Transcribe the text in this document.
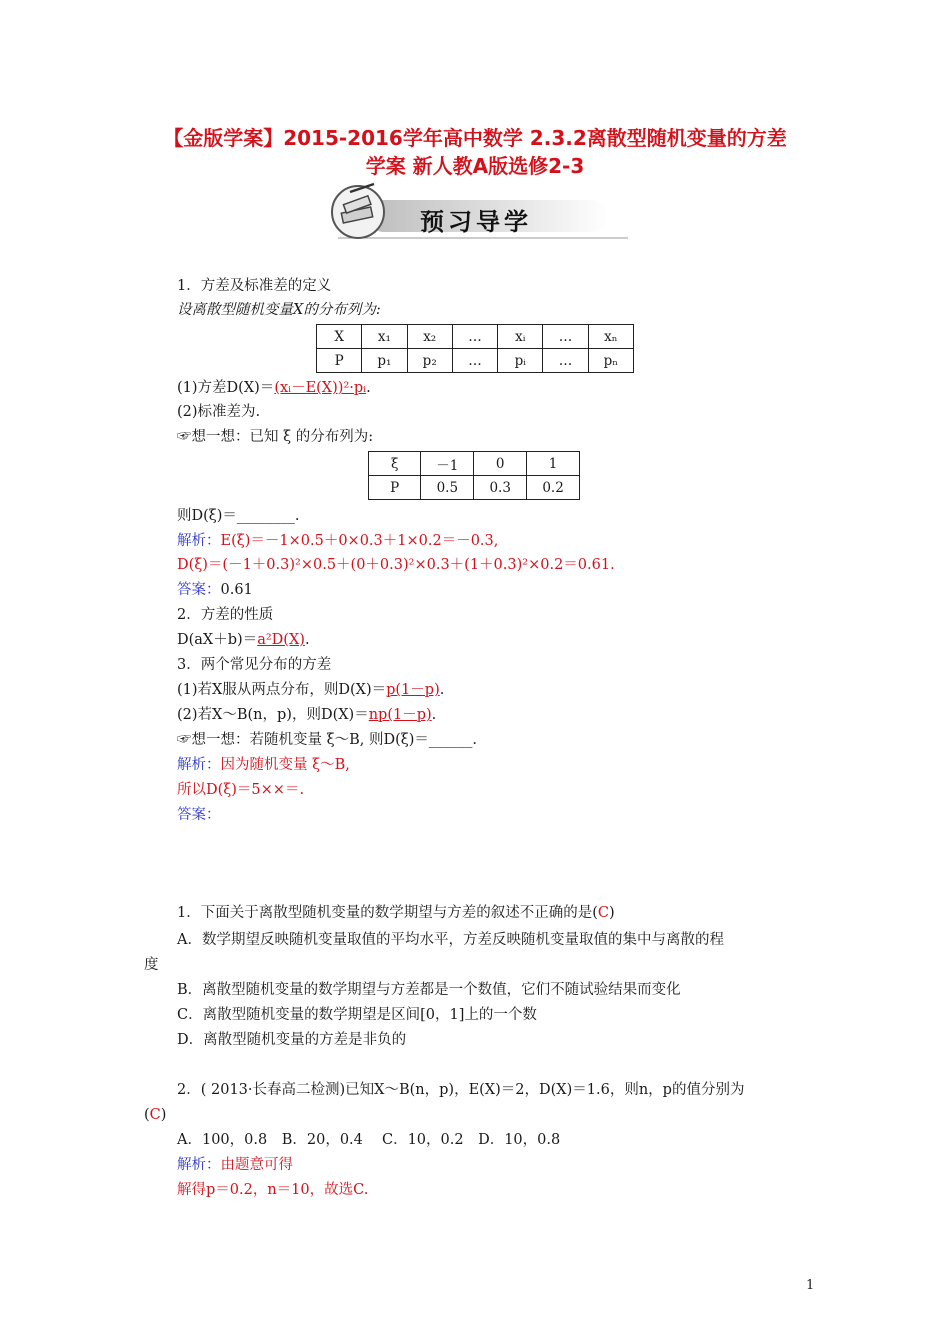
【金版学案】2015-2016学年高中数学 2.3.2离散型随机变量的方差
学案 新人教A版选修2-3
预习导学
1．方差及标准差的定义
设离散型随机变量X的分布列为:
X	x₁	x₂	…	xᵢ	…	xₙ
P	p₁	p₂	…	pᵢ	…	pₙ
(1)方差D(X)＝(xᵢ－E(X))²·pᵢ.
(2)标准差为.
☞想一想：已知 ξ 的分布列为:
ξ	－1	0	1
P	0.5	0.3	0.2
则D(ξ)＝________.
解析：E(ξ)＝－1×0.5＋0×0.3＋1×0.2＝－0.3,
D(ξ)＝(－1＋0.3)²×0.5＋(0＋0.3)²×0.3＋(1＋0.3)²×0.2＝0.61.
答案：0.61
2．方差的性质
D(aX＋b)＝a²D(X).
3．两个常见分布的方差
(1)若X服从两点分布，则D(X)＝p(1－p).
(2)若X～B(n，p)，则D(X)＝np(1－p).
☞想一想：若随机变量 ξ～B, 则D(ξ)＝______.
解析：因为随机变量 ξ～B,
所以D(ξ)＝5××＝.
答案：
1．下面关于离散型随机变量的数学期望与方差的叙述不正确的是(C)
A．数学期望反映随机变量取值的平均水平，方差反映随机变量取值的集中与离散的程
度
B．离散型随机变量的数学期望与方差都是一个数值，它们不随试验结果而变化
C．离散型随机变量的数学期望是区间[0，1]上的一个数
D．离散型随机变量的方差是非负的
2．( 2013·长春高二检测)已知X～B(n，p)，E(X)＝2，D(X)＝1.6，则n，p的值分别为
(C)
A．100，0.8　B．20，0.4　 C．10，0.2　D．10，0.8
解析：由题意可得
解得p＝0.2，n＝10，故选C.
1
